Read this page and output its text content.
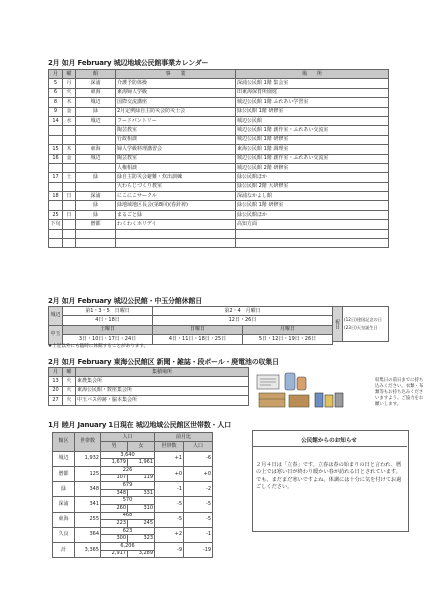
2月 如月 February 城辺地域公民館事業カレンダー
月	曜	館	事　　業	場　　所
5	月	深浦	介護予防体操	深浦公民館 1階 集会室
6	火	東海	東海婦人学級	田東海保育所園庭
8	木	城辺	国際交流講座	城辺公民館 1階 ふれあい学習室
9	金	緑	2月定例緑自主防災会防災士会	緑公民館 1階 研修室
14	水	城辺	フードパントリー	城辺公民館
			陶芸教室	城辺公民館 1階 創作室・ふれあい交流室
			行政相談	城辺公民館 1階 研修室
15	木	東海	婦人学級料理講習会	東海公民館 1階 調理室
16	金	城辺	陶芸教室	城辺公民館 1階 創作室・ふれあい交流室
			人権相談	城辺公民館 2階 研修室
17	土	緑	緑自主防災会避難・炊出訓練	緑公民館ほか
			大わらじづくり教室	緑公民館 2階 大研修室
18	日	深浦	にこにこサークル	深浦なかよし館
		緑	緑地域地区長会(第8回)(春針祷)	緑公民館 1階 研修室
25	日	緑	まるごと緑	緑公民館ほか
下旬		僧都	わくわくホリデイ	高知方面

2月 如月 February 城辺公民館・中玉分館休館日
城辺	第1・3・5　日曜日	第2・4　月曜日	
	4日・18日	12日・26日	
中玉	土曜日	日曜日	月曜日
	3日・10日・17日・24日	4日・11日・18日・25日	5日・12日・19日・26日
祝日	(12日)建国記念の日
(23日)天皇誕生日
★上記以外にも臨時に休館することがあります。
2月 如月 February 東海公民館区 新聞・雑誌・段ボール・廃電池の収集日
月	曜	集積場所
13	火	東農集会所
20	火	東海公民館・数座集会所
27	火	中玉バス停跡・脇本集会所
収集日の前日までに持ち込みください。衣類・布類等もお持ち込みくださいますよう、ご協力をお願いします。
1月 睦月 January 1日現在 城辺地域公民館区世帯数・人口
館区	世帯数	人口		前月比	
		男	女	世帯数	人口
城辺	1,932	3,640		+1	-6
		1,679	1,961		
僧都	125	226		+0	+0
		107	119		
緑	348	679		-1	-2
		348	331		
深浦	341	570		-5	-5
		260	310		
東海	255	468		-5	-5
		223	245		
久良	364	623		+2	-1
		300	323		
計	3,365	6,206		-9	-19
		2,917	3,289		
公民館からのお知らせ
２月４日は「立春」です。立春は春の始まりの日と言われ、暦の上では寒い日が終わり暖かい春が訪れる日とされています。でも、まだまだ寒いですよね。体調には十分に気を付けてお過ごしください。
